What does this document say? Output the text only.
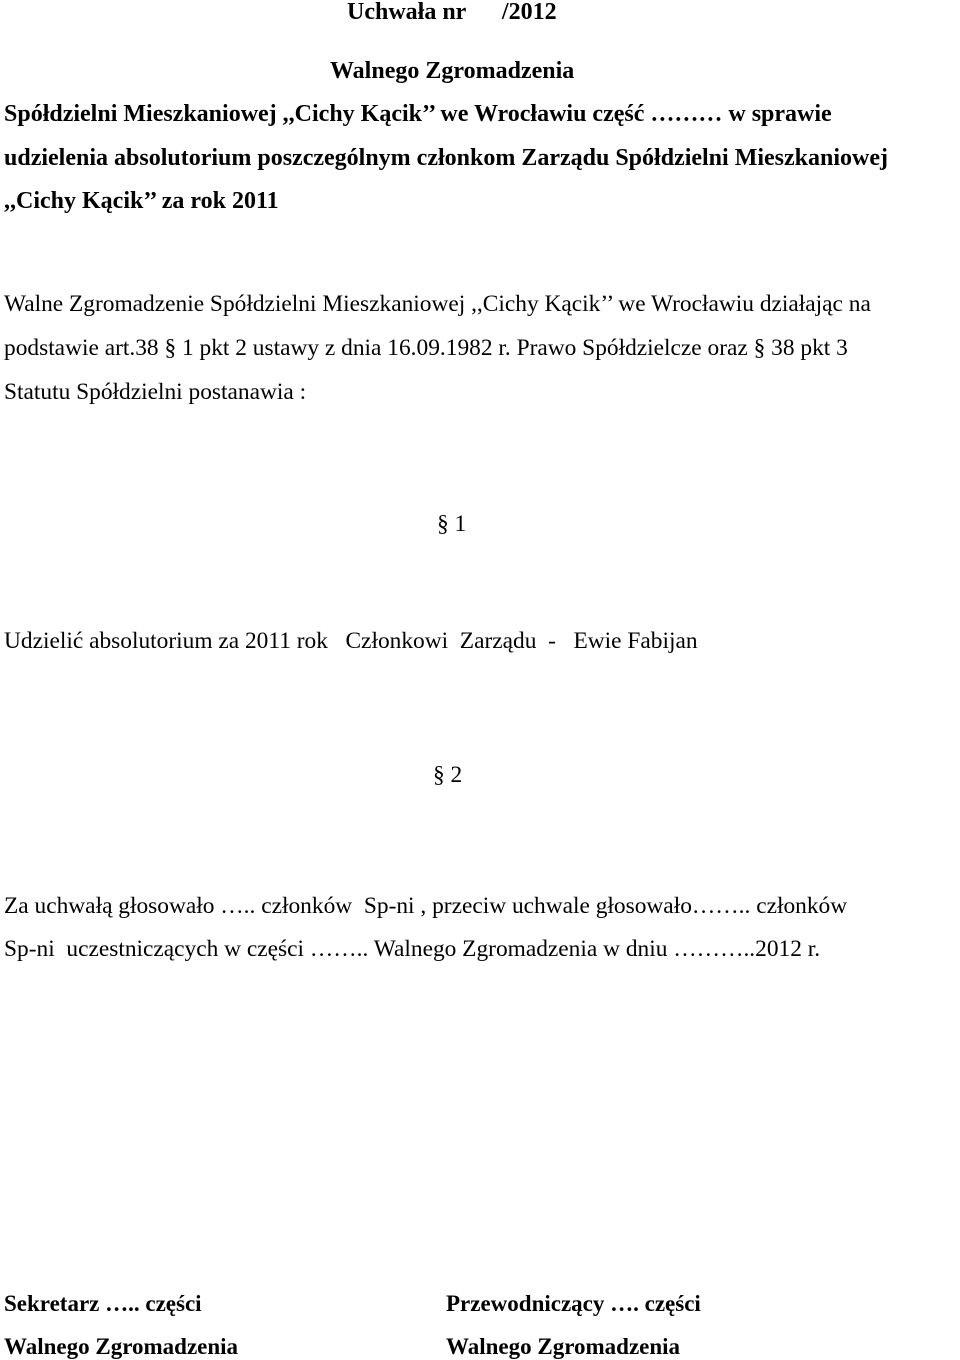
Uchwała nr      /2012
Walnego Zgromadzenia
Spółdzielni Mieszkaniowej ,,Cichy Kącik’’ we Wrocławiu część ……… w sprawie
udzielenia absolutorium poszczególnym członkom Zarządu Spółdzielni Mieszkaniowej
,,Cichy Kącik’’ za rok 2011
Walne Zgromadzenie Spółdzielni Mieszkaniowej ,,Cichy Kącik’’ we Wrocławiu działając na
podstawie art.38 § 1 pkt 2 ustawy z dnia 16.09.1982 r. Prawo Spółdzielcze oraz § 38 pkt 3
Statutu Spółdzielni postanawia :
§ 1
Udzielić absolutorium za 2011 rok   Członkowi  Zarządu  -   Ewie Fabijan
§ 2
Za uchwałą głosowało ….. członków  Sp-ni , przeciw uchwale głosowało…….. członków
Sp-ni  uczestniczących w części …….. Walnego Zgromadzenia w dniu ………..2012 r.
Sekretarz ….. części
Walnego Zgromadzenia
Przewodniczący …. części
Walnego Zgromadzenia
